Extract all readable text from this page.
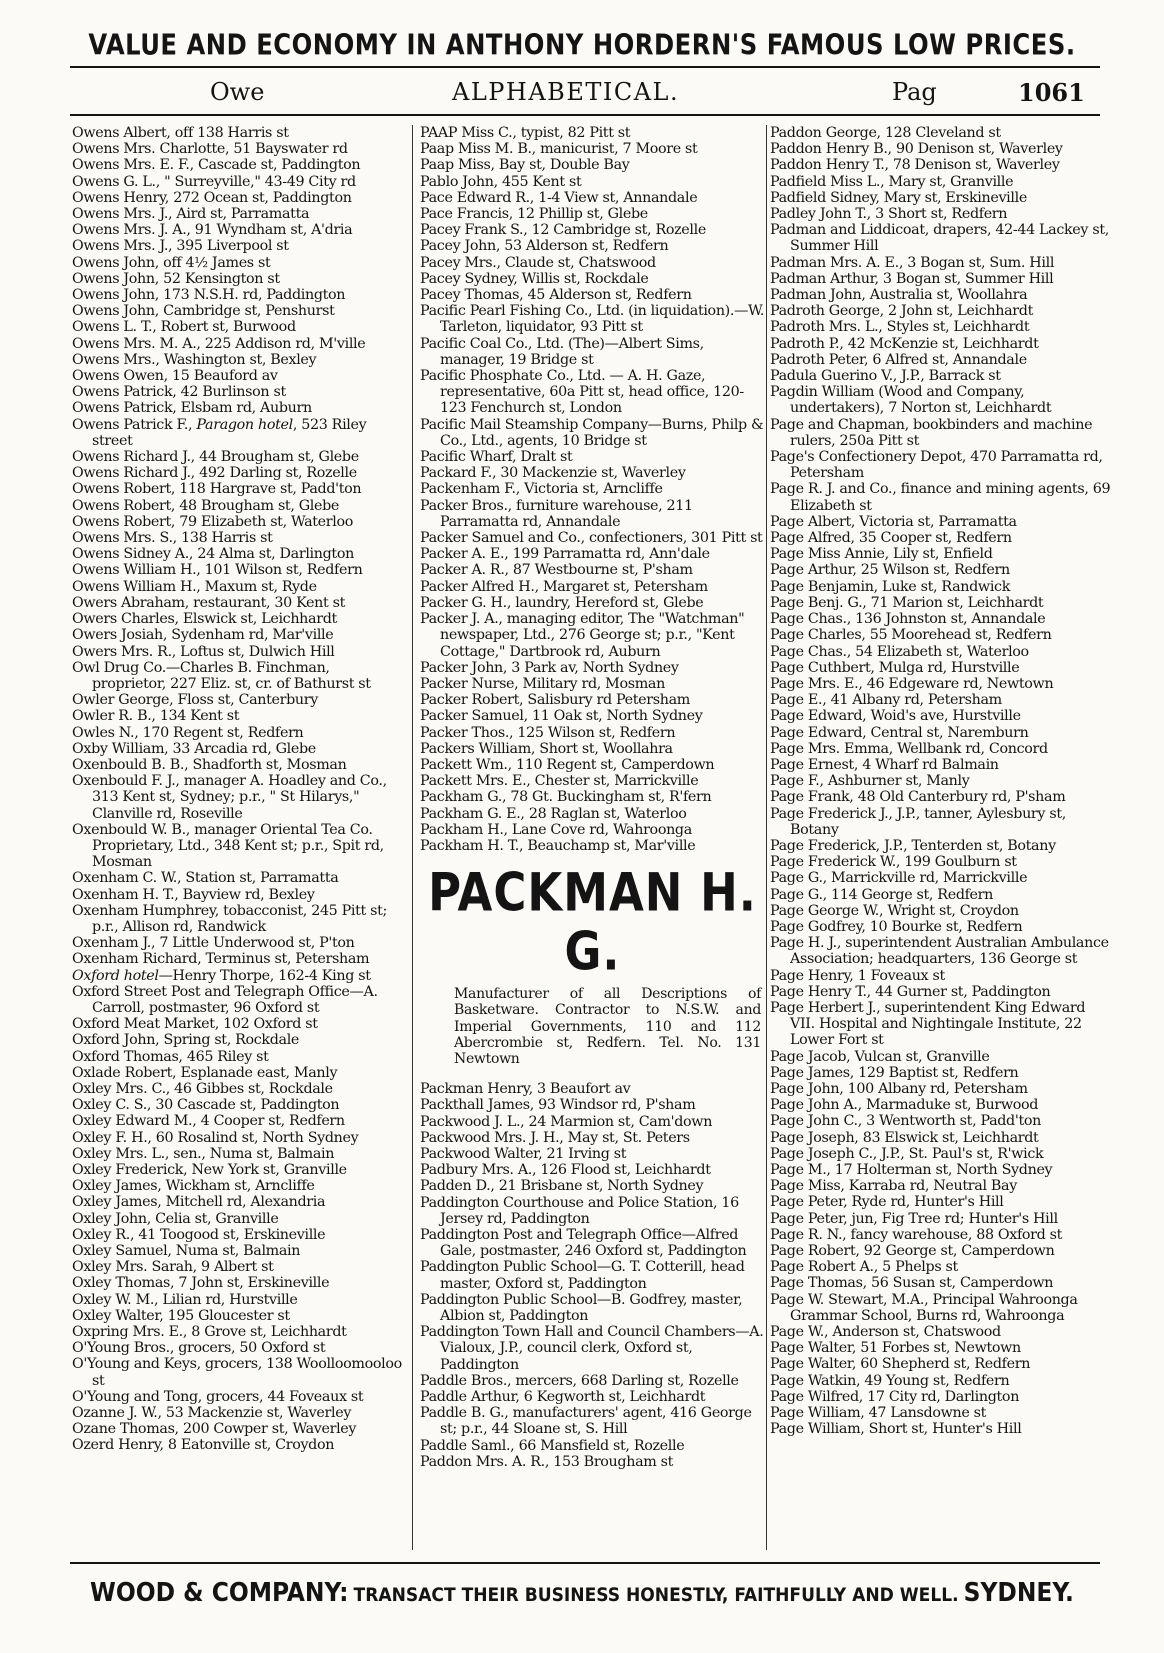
VALUE AND ECONOMY IN ANTHONY HORDERN'S FAMOUS LOW PRICES.
Owe	ALPHABETICAL.	Pag	1061

Owens Albert, off 138 Harris st

Owens Mrs. Charlotte, 51 Bayswater rd

Owens Mrs. E. F., Cascade st, Paddington

Owens G. L., " Surreyville," 43-49 City rd

Owens Henry, 272 Ocean st, Paddington

Owens Mrs. J., Aird st, Parramatta

Owens Mrs. J. A., 91 Wyndham st, A'dria

Owens Mrs. J., 395 Liverpool st

Owens John, off 4½ James st

Owens John, 52 Kensington st

Owens John, 173 N.S.H. rd, Paddington

Owens John, Cambridge st, Penshurst

Owens L. T., Robert st, Burwood

Owens Mrs. M. A., 225 Addison rd, M'ville

Owens Mrs., Washington st, Bexley

Owens Owen, 15 Beauford av

Owens Patrick, 42 Burlinson st

Owens Patrick, Elsbam rd, Auburn

Owens Patrick F., Paragon hotel, 523 Riley street

Owens Richard J., 44 Brougham st, Glebe

Owens Richard J., 492 Darling st, Rozelle

Owens Robert, 118 Hargrave st, Padd'ton

Owens Robert, 48 Brougham st, Glebe

Owens Robert, 79 Elizabeth st, Waterloo

Owens Mrs. S., 138 Harris st

Owens Sidney A., 24 Alma st, Darlington

Owens William H., 101 Wilson st, Redfern

Owens William H., Maxum st, Ryde

Owers Abraham, restaurant, 30 Kent st

Owers Charles, Elswick st, Leichhardt

Owers Josiah, Sydenham rd, Mar'ville

Owers Mrs. R., Loftus st, Dulwich Hill

Owl Drug Co.—Charles B. Finchman, proprietor, 227 Eliz. st, cr. of Bathurst st

Owler George, Floss st, Canterbury

Owler R. B., 134 Kent st

Owles N., 170 Regent st, Redfern

Oxby William, 33 Arcadia rd, Glebe

Oxenbould B. B., Shadforth st, Mosman

Oxenbould F. J., manager A. Hoadley and Co., 313 Kent st, Sydney; p.r., " St Hilarys," Clanville rd, Roseville

Oxenbould W. B., manager Oriental Tea Co. Proprietary, Ltd., 348 Kent st; p.r., Spit rd, Mosman

Oxenham C. W., Station st, Parramatta

Oxenham H. T., Bayview rd, Bexley

Oxenham Humphrey, tobacconist, 245 Pitt st; p.r., Allison rd, Randwick

Oxenham J., 7 Little Underwood st, P'ton

Oxenham Richard, Terminus st, Petersham

Oxford hotel—Henry Thorpe, 162-4 King st

Oxford Street Post and Telegraph Office—A. Carroll, postmaster, 96 Oxford st

Oxford Meat Market, 102 Oxford st

Oxford John, Spring st, Rockdale

Oxford Thomas, 465 Riley st

Oxlade Robert, Esplanade east, Manly

Oxley Mrs. C., 46 Gibbes st, Rockdale

Oxley C. S., 30 Cascade st, Paddington

Oxley Edward M., 4 Cooper st, Redfern

Oxley F. H., 60 Rosalind st, North Sydney

Oxley Mrs. L., sen., Numa st, Balmain

Oxley Frederick, New York st, Granville

Oxley James, Wickham st, Arncliffe

Oxley James, Mitchell rd, Alexandria

Oxley John, Celia st, Granville

Oxley R., 41 Toogood st, Erskineville

Oxley Samuel, Numa st, Balmain

Oxley Mrs. Sarah, 9 Albert st

Oxley Thomas, 7 John st, Erskineville

Oxley W. M., Lilian rd, Hurstville

Oxley Walter, 195 Gloucester st

Oxpring Mrs. E., 8 Grove st, Leichhardt

O'Young Bros., grocers, 50 Oxford st

O'Young and Keys, grocers, 138 Woolloomooloo st

O'Young and Tong, grocers, 44 Foveaux st

Ozanne J. W., 53 Mackenzie st, Waverley

Ozane Thomas, 200 Cowper st, Waverley

Ozerd Henry, 8 Eatonville st, Croydon

PAAP Miss C., typist, 82 Pitt st

Paap Miss M. B., manicurist, 7 Moore st

Paap Miss, Bay st, Double Bay

Pablo John, 455 Kent st

Pace Edward R., 1-4 View st, Annandale

Pace Francis, 12 Phillip st, Glebe

Pacey Frank S., 12 Cambridge st, Rozelle

Pacey John, 53 Alderson st, Redfern

Pacey Mrs., Claude st, Chatswood

Pacey Sydney, Willis st, Rockdale

Pacey Thomas, 45 Alderson st, Redfern

Pacific Pearl Fishing Co., Ltd. (in liquidation).—W. Tarleton, liquidator, 93 Pitt st

Pacific Coal Co., Ltd. (The)—Albert Sims, manager, 19 Bridge st

Pacific Phosphate Co., Ltd. — A. H. Gaze, representative, 60a Pitt st, head office, 120-123 Fenchurch st, London

Pacific Mail Steamship Company—Burns, Philp & Co., Ltd., agents, 10 Bridge st

Pacific Wharf, Dralt st

Packard F., 30 Mackenzie st, Waverley

Packenham F., Victoria st, Arncliffe

Packer Bros., furniture warehouse, 211 Parramatta rd, Annandale

Packer Samuel and Co., confectioners, 301 Pitt st

Packer A. E., 199 Parramatta rd, Ann'dale

Packer A. R., 87 Westbourne st, P'sham

Packer Alfred H., Margaret st, Petersham

Packer G. H., laundry, Hereford st, Glebe

Packer J. A., managing editor, The "Watchman" newspaper, Ltd., 276 George st; p.r., "Kent Cottage," Dartbrook rd, Auburn

Packer John, 3 Park av, North Sydney

Packer Nurse, Military rd, Mosman

Packer Robert, Salisbury rd Petersham

Packer Samuel, 11 Oak st, North Sydney

Packer Thos., 125 Wilson st, Redfern

Packers William, Short st, Woollahra

Packett Wm., 110 Regent st, Camperdown

Packett Mrs. E., Chester st, Marrickville

Packham G., 78 Gt. Buckingham st, R'fern

Packham G. E., 28 Raglan st, Waterloo

Packham H., Lane Cove rd, Wahroonga

Packham H. T., Beauchamp st, Mar'ville

PACKMAN H. G.
Manufacturer of all Descriptions of Basketware. Contractor to N.S.W. and Imperial Governments, 110 and 112 Abercrombie st, Redfern. Tel. No. 131 Newtown

Packman Henry, 3 Beaufort av

Packthall James, 93 Windsor rd, P'sham

Packwood J. L., 24 Marmion st, Cam'down

Packwood Mrs. J. H., May st, St. Peters

Packwood Walter, 21 Irving st

Padbury Mrs. A., 126 Flood st, Leichhardt

Padden D., 21 Brisbane st, North Sydney

Paddington Courthouse and Police Station, 16 Jersey rd, Paddington

Paddington Post and Telegraph Office—Alfred Gale, postmaster, 246 Oxford st, Paddington

Paddington Public School—G. T. Cotterill, head master, Oxford st, Paddington

Paddington Public School—B. Godfrey, master, Albion st, Paddington

Paddington Town Hall and Council Chambers—A. Vialoux, J.P., council clerk, Oxford st, Paddington

Paddle Bros., mercers, 668 Darling st, Rozelle

Paddle Arthur, 6 Kegworth st, Leichhardt

Paddle B. G., manufacturers' agent, 416 George st; p.r., 44 Sloane st, S. Hill

Paddle Saml., 66 Mansfield st, Rozelle

Paddon Mrs. A. R., 153 Brougham st

Paddon George, 128 Cleveland st

Paddon Henry B., 90 Denison st, Waverley

Paddon Henry T., 78 Denison st, Waverley

Padfield Miss L., Mary st, Granville

Padfield Sidney, Mary st, Erskineville

Padley John T., 3 Short st, Redfern

Padman and Liddicoat, drapers, 42-44 Lackey st, Summer Hill

Padman Mrs. A. E., 3 Bogan st, Sum. Hill

Padman Arthur, 3 Bogan st, Summer Hill

Padman John, Australia st, Woollahra

Padroth George, 2 John st, Leichhardt

Padroth Mrs. L., Styles st, Leichhardt

Padroth P., 42 McKenzie st, Leichhardt

Padroth Peter, 6 Alfred st, Annandale

Padula Guerino V., J.P., Barrack st

Pagdin William (Wood and Company, undertakers), 7 Norton st, Leichhardt

Page and Chapman, bookbinders and machine rulers, 250a Pitt st

Page's Confectionery Depot, 470 Parramatta rd, Petersham

Page R. J. and Co., finance and mining agents, 69 Elizabeth st

Page Albert, Victoria st, Parramatta

Page Alfred, 35 Cooper st, Redfern

Page Miss Annie, Lily st, Enfield

Page Arthur, 25 Wilson st, Redfern

Page Benjamin, Luke st, Randwick

Page Benj. G., 71 Marion st, Leichhardt

Page Chas., 136 Johnston st, Annandale

Page Charles, 55 Moorehead st, Redfern

Page Chas., 54 Elizabeth st, Waterloo

Page Cuthbert, Mulga rd, Hurstville

Page Mrs. E., 46 Edgeware rd, Newtown

Page E., 41 Albany rd, Petersham

Page Edward, Woid's ave, Hurstville

Page Edward, Central st, Naremburn

Page Mrs. Emma, Wellbank rd, Concord

Page Ernest, 4 Wharf rd Balmain

Page F., Ashburner st, Manly

Page Frank, 48 Old Canterbury rd, P'sham

Page Frederick J., J.P., tanner, Aylesbury st, Botany

Page Frederick, J.P., Tenterden st, Botany

Page Frederick W., 199 Goulburn st

Page G., Marrickville rd, Marrickville

Page G., 114 George st, Redfern

Page George W., Wright st, Croydon

Page Godfrey, 10 Bourke st, Redfern

Page H. J., superintendent Australian Ambulance Association; headquarters, 136 George st

Page Henry, 1 Foveaux st

Page Henry T., 44 Gurner st, Paddington

Page Herbert J., superintendent King Edward VII. Hospital and Nightingale Institute, 22 Lower Fort st

Page Jacob, Vulcan st, Granville

Page James, 129 Baptist st, Redfern

Page John, 100 Albany rd, Petersham

Page John A., Marmaduke st, Burwood

Page John C., 3 Wentworth st, Padd'ton

Page Joseph, 83 Elswick st, Leichhardt

Page Joseph C., J.P., St. Paul's st, R'wick

Page M., 17 Holterman st, North Sydney

Page Miss, Karraba rd, Neutral Bay

Page Peter, Ryde rd, Hunter's Hill

Page Peter, jun, Fig Tree rd; Hunter's Hill

Page R. N., fancy warehouse, 88 Oxford st

Page Robert, 92 George st, Camperdown

Page Robert A., 5 Phelps st

Page Thomas, 56 Susan st, Camperdown

Page W. Stewart, M.A., Principal Wahroonga Grammar School, Burns rd, Wahroonga

Page W., Anderson st, Chatswood

Page Walter, 51 Forbes st, Newtown

Page Walter, 60 Shepherd st, Redfern

Page Watkin, 49 Young st, Redfern

Page Wilfred, 17 City rd, Darlington

Page William, 47 Lansdowne st

Page William, Short st, Hunter's Hill

WOOD & COMPANY: TRANSACT THEIR BUSINESS HONESTLY, FAITHFULLY AND WELL. SYDNEY.
